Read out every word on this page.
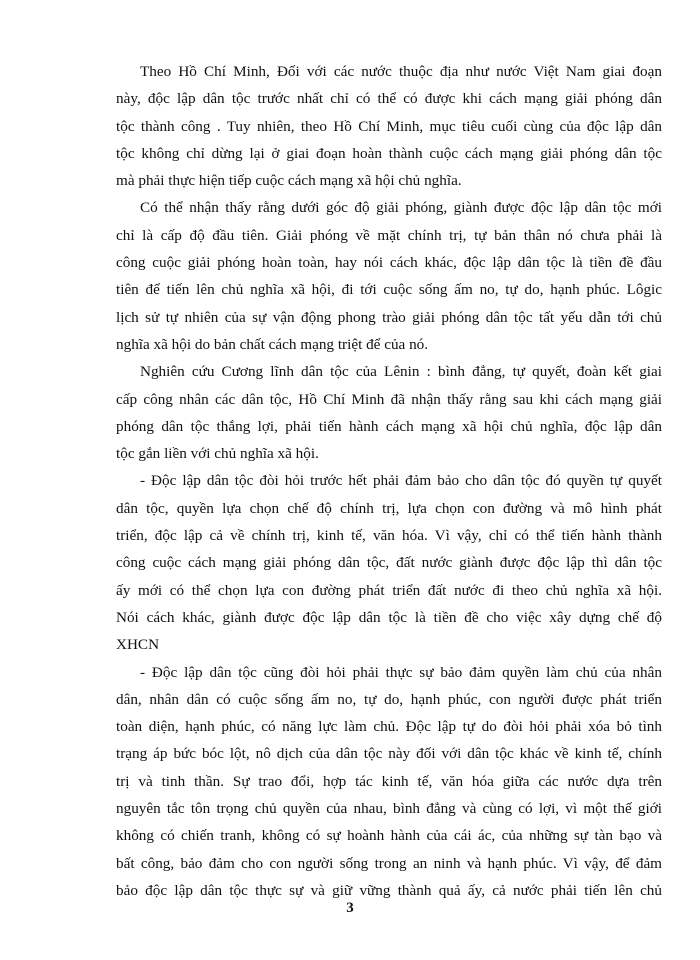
Theo Hồ Chí Minh, Đối với các nước thuộc địa như nước Việt Nam giai đoạn
này, độc lập dân tộc trước nhất chỉ có thể có được khi cách mạng giải phóng dân
tộc thành công . Tuy nhiên, theo Hồ Chí Minh, mục tiêu cuối cùng của độc lập dân
tộc không chỉ dừng lại ở giai đoạn hoàn thành cuộc cách mạng giải phóng dân tộc
mà phải thực hiện tiếp cuộc cách mạng xã hội chủ nghĩa.
Có thể nhận thấy rằng dưới góc độ giải phóng, giành được độc lập dân tộc mới
chỉ là cấp độ đầu tiên. Giải phóng về mặt chính trị, tự bản thân nó chưa phải là
công cuộc giải phóng hoàn toàn, hay nói cách khác, độc lập dân tộc là tiền đề đầu
tiên để tiến lên chủ nghĩa xã hội, đi tới cuộc sống ấm no, tự do, hạnh phúc. Lôgic
lịch sử tự nhiên của sự vận động phong trào giải phóng dân tộc tất yếu dẫn tới chủ
nghĩa xã hội do bản chất cách mạng triệt để của nó.
Nghiên cứu Cương lĩnh dân tộc của Lênin : bình đẳng, tự quyết, đoàn kết giai
cấp công nhân các dân tộc, Hồ Chí Minh đã nhận thấy rằng sau khi cách mạng giải
phóng dân tộc thắng lợi, phải tiến hành cách mạng xã hội chủ nghĩa, độc lập dân
tộc gắn liền với chủ nghĩa xã hội.
- Độc lập dân tộc đòi hỏi trước hết phải đảm bảo cho dân tộc đó quyền tự quyết
dân tộc, quyền lựa chọn chế độ chính trị, lựa chọn con đường và mô hình phát
triển, độc lập cả về chính trị, kinh tế, văn hóa. Vì vậy, chỉ có thể tiến hành thành
công cuộc cách mạng giải phóng dân tộc, đất nước giành được độc lập thì dân tộc
ấy mới có thể chọn lựa con đường phát triển đất nước đi theo chủ nghĩa xã hội.
Nói cách khác, giành được độc lập dân tộc là tiền đề cho việc xây dựng chế độ
XHCN
- Độc lập dân tộc cũng đòi hỏi phải thực sự bảo đảm quyền làm chủ của nhân
dân, nhân dân có cuộc sống ấm no, tự do, hạnh phúc, con người được phát triển
toàn diện, hạnh phúc, có năng lực làm chủ. Độc lập tự do đòi hỏi phải xóa bỏ tình
trạng áp bức bóc lột, nô dịch của dân tộc này đối với dân tộc khác về kinh tế, chính
trị và tinh thần. Sự trao đổi, hợp tác kinh tế, văn hóa giữa các nước dựa trên
nguyên tắc tôn trọng chủ quyền của nhau, bình đẳng và cùng có lợi, vì một thế giới
không có chiến tranh, không có sự hoành hành của cái ác, của những sự tàn bạo và
bất công, bảo đảm cho con người sống trong an ninh và hạnh phúc. Vì vậy, để đảm
bảo độc lập dân tộc thực sự và giữ vững thành quả ấy, cả nước phải tiến lên chủ
3
